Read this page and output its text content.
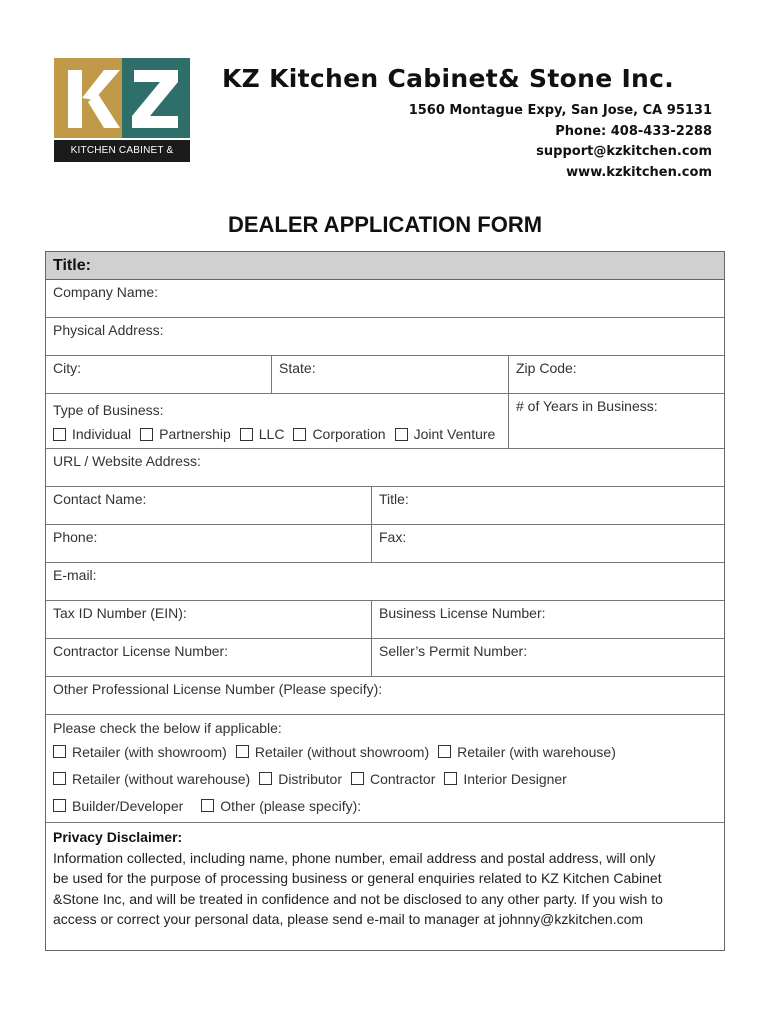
KITCHEN CABINET & STONE
KZ Kitchen Cabinet& Stone Inc.
1560 Montague Expy, San Jose, CA 95131
Phone: 408-433-2288
support@kzkitchen.com
www.kzkitchen.com
DEALER APPLICATION FORM
Title:
Company Name:
Physical Address:
City:	State:	Zip Code:
Type of Business:
Individual Partnership LLC Corporation Joint Venture
# of Years in Business:
URL / Website Address:
Contact Name:	Title:
Phone:	Fax:
E-mail:
Tax ID Number (EIN):	Business License Number:
Contractor License Number:	Seller’s Permit Number:
Other Professional License Number (Please specify):
Please check the below if applicable:
Retailer (with showroom) Retailer (without showroom) Retailer (with warehouse)
Retailer (without warehouse) Distributor Contractor Interior Designer
Builder/Developer	Other (please specify):
Privacy Disclaimer:
Information collected, including name, phone number, email address and postal address, will only
be used for the purpose of processing business or general enquiries related to KZ Kitchen Cabinet
&Stone Inc, and will be treated in confidence and not be disclosed to any other party. If you wish to
access or correct your personal data, please send e-mail to manager at johnny@kzkitchen.com
